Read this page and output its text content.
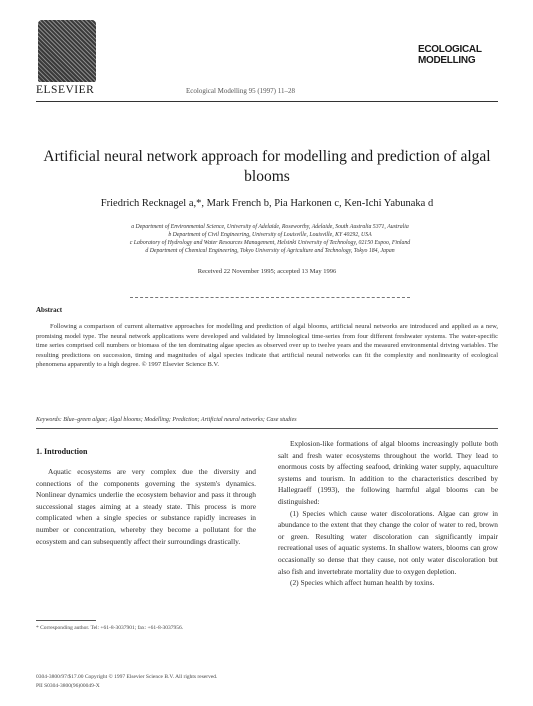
ELSEVIER	Ecological Modelling 95 (1997) 11–28
ECOLOGICAL
MODELLING
Artificial neural network approach for modelling and prediction of algal blooms
Friedrich Recknagel a,*, Mark French b, Pia Harkonen c, Ken-Ichi Yabunaka d
a Department of Environmental Science, University of Adelaide, Roseworthy, Adelaide, South Australia 5371, Australia
b Department of Civil Engineering, University of Louisville, Louisville, KY 40292, USA
c Laboratory of Hydrology and Water Resources Management, Helsinki University of Technology, 02150 Espoo, Finland
d Department of Chemical Engineering, Tokyo University of Agriculture and Technology, Tokyo 184, Japan
Received 22 November 1995; accepted 13 May 1996
Abstract
Following a comparison of current alternative approaches for modelling and prediction of algal blooms, artificial neural networks are introduced and applied as a new, promising model type. The neural network applications were developed and validated by limnological time-series from four different freshwater systems. The water-specific time series comprised cell numbers or biomass of the ten dominating algae species as observed over up to twelve years and the measured environmental driving variables. The resulting predictions on succession, timing and magnitudes of algal species indicate that artificial neural networks can fit the complexity and nonlinearity of ecological phenomena apparently to a high degree. © 1997 Elsevier Science B.V.
Keywords: Blue–green algae; Algal blooms; Modelling; Prediction; Artificial neural networks; Case studies
1. Introduction
Aquatic ecosystems are very complex due the diversity and connections of the components governing the system's dynamics. Nonlinear dynamics underlie the ecosystem behavior and pass it through successional stages aiming at a steady state. This process is more complicated when a single species or substance rapidly increases in number or concentration, whereby they become a pollutant for the ecosystem and can subsequently affect their surroundings drastically.

Explosion-like formations of algal blooms increasingly pollute both salt and fresh water ecosystems throughout the world. They lead to enormous costs by affecting seafood, drinking water supply, aquaculture systems and tourism. In addition to the characteristics described by Hallegraeff (1993), the following harmful algal blooms can be distinguished:

(1) Species which cause water discolorations. Algae can grow in abundance to the extent that they change the color of water to red, brown or green. Resulting water discoloration can significantly impair recreational uses of aquatic systems. In shallow waters, blooms can grow occasionally so dense that they cause, not only water discoloration but also fish and invertebrate mortality due to oxygen depletion.

(2) Species which affect human health by toxins.

* Corresponding author. Tel: +61-8-3037901; fax: +61-8-3037956.
0304-3800/97/$17.00 Copyright © 1997 Elsevier Science B.V. All rights reserved.
PII S0304-3800(96)00049-X
